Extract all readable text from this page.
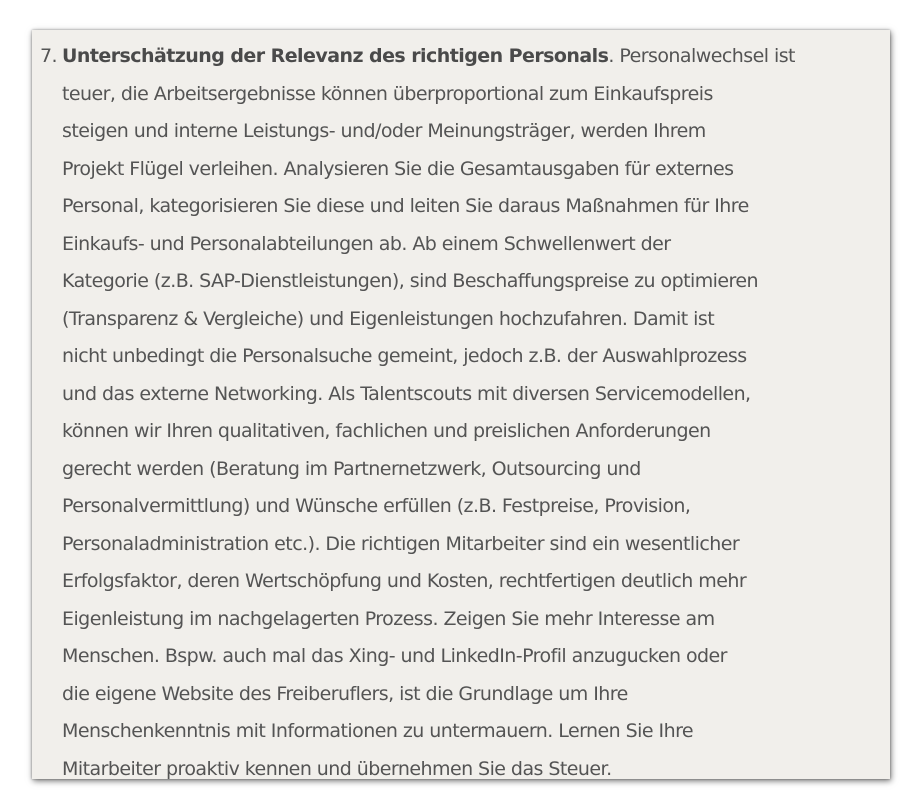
7. Unterschätzung der Relevanz des richtigen Personals. Personalwechsel ist
teuer, die Arbeitsergebnisse können überproportional zum Einkaufspreis
steigen und interne Leistungs- und/oder Meinungsträger, werden Ihrem
Projekt Flügel verleihen. Analysieren Sie die Gesamtausgaben für externes
Personal, kategorisieren Sie diese und leiten Sie daraus Maßnahmen für Ihre
Einkaufs- und Personalabteilungen ab. Ab einem Schwellenwert der
Kategorie (z.B. SAP-Dienstleistungen), sind Beschaffungspreise zu optimieren
(Transparenz & Vergleiche) und Eigenleistungen hochzufahren. Damit ist
nicht unbedingt die Personalsuche gemeint, jedoch z.B. der Auswahlprozess
und das externe Networking. Als Talentscouts mit diversen Servicemodellen,
können wir Ihren qualitativen, fachlichen und preislichen Anforderungen
gerecht werden (Beratung im Partnernetzwerk, Outsourcing und
Personalvermittlung) und Wünsche erfüllen (z.B. Festpreise, Provision,
Personaladministration etc.). Die richtigen Mitarbeiter sind ein wesentlicher
Erfolgsfaktor, deren Wertschöpfung und Kosten, rechtfertigen deutlich mehr
Eigenleistung im nachgelagerten Prozess. Zeigen Sie mehr Interesse am
Menschen. Bspw. auch mal das Xing- und LinkedIn-Profil anzugucken oder
die eigene Website des Freiberuflers, ist die Grundlage um Ihre
Menschenkenntnis mit Informationen zu untermauern. Lernen Sie Ihre
Mitarbeiter proaktiv kennen und übernehmen Sie das Steuer.
